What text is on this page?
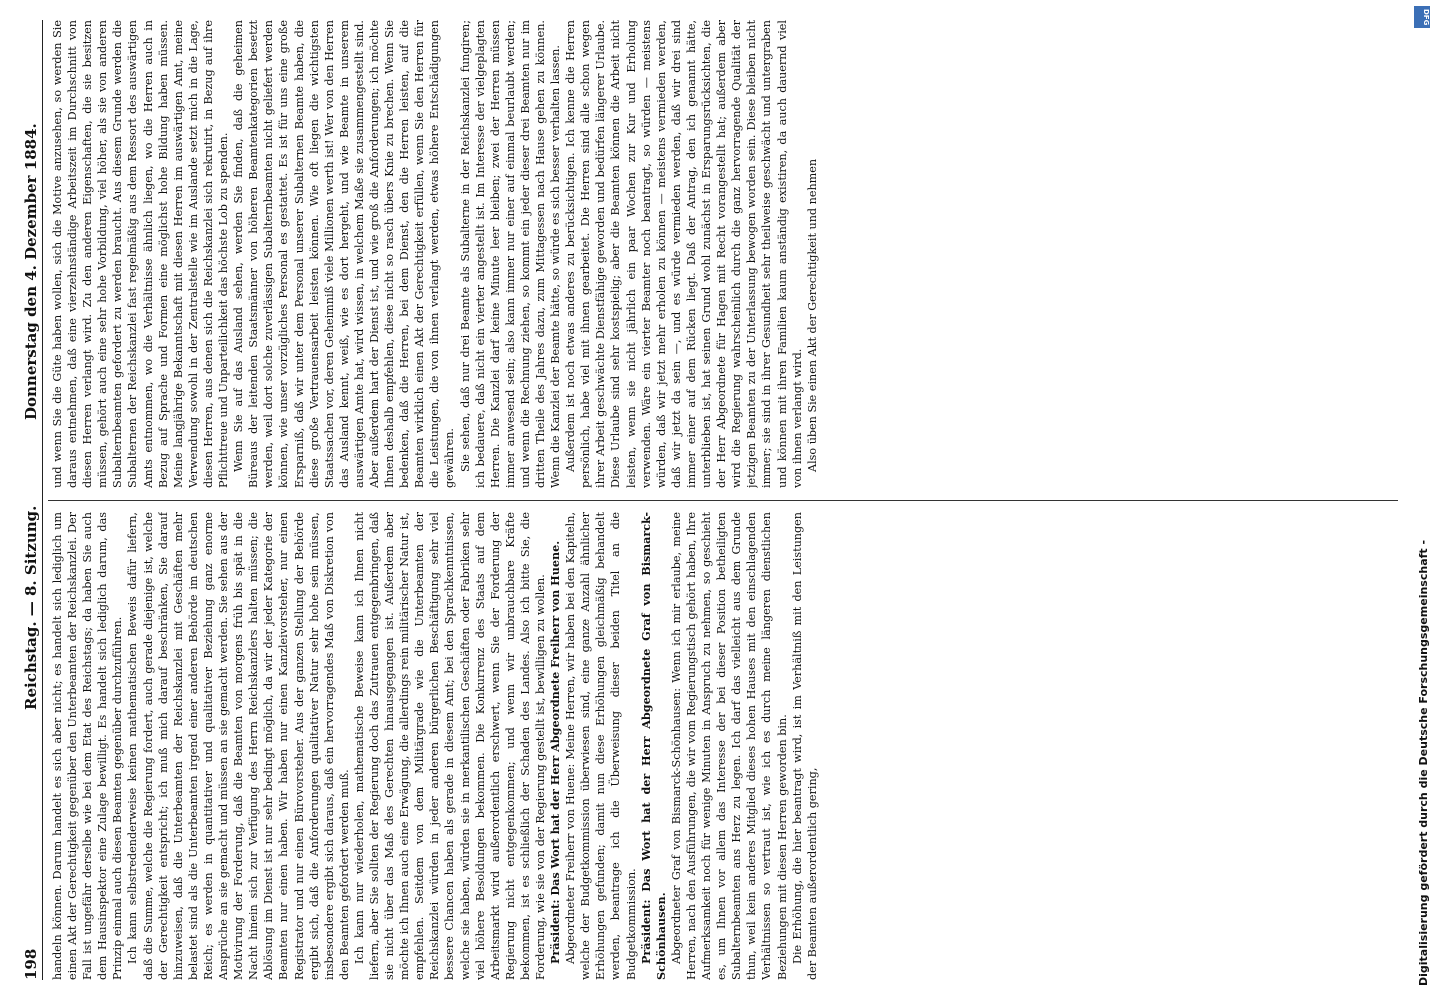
198
Reichstag. — 8. Sitzung.
Donnerstag den 4. Dezember 1884.

handeln können. Darum handelt es sich aber nicht; es handelt sich lediglich um einen Akt der Gerechtigkeit gegenüber den Unterbeamten der Reichskanzlei. Der Fall ist ungefähr derselbe wie bei dem Etat des Reichstags; da haben Sie auch dem Hausinspektor eine Zulage bewilligt. Es handelt sich lediglich darum, das Prinzip einmal auch diesen Beamten gegenüber durchzuführen. Ich kann selbstredenderweise keinen mathematischen Beweis dafür liefern, daß die Summe, welche die Regierung fordert, auch gerade diejenige ist, welche der Gerechtigkeit entspricht; ich muß mich darauf beschränken, Sie darauf hinzuweisen, daß die Unterbeamten der Reichskanzlei mit Geschäften mehr belastet sind als die Unterbeamten irgend einer anderen Behörde im deutschen Reich; es werden in quantitativer und qualitativer Beziehung ganz enorme Ansprüche an sie gemacht und müssen an sie gemacht werden. Sie sehen aus der Motivirung der Forderung, daß die Beamten von morgens früh bis spät in die Nacht hinein sich zur Verfügung des Herrn Reichskanzlers halten müssen; die Ablösung im Dienst ist nur sehr bedingt möglich, da wir der jeder Kategorie der Beamten nur einen haben. Wir haben nur einen Kanzleivorsteher, nur einen Registrator und nur einen Bürovorsteher. Aus der ganzen Stellung der Behörde ergibt sich, daß die Anforderungen qualitativer Natur sehr hohe sein müssen, insbesondere ergibt sich daraus, daß ein hervorragendes Maß von Diskretion von den Beamten gefordert werden muß. Ich kann nur wiederholen, mathematische Beweise kann ich Ihnen nicht liefern, aber Sie sollten der Regierung doch das Zutrauen entgegenbringen, daß sie nicht über das Maß des Gerechten hinausgegangen ist. Außerdem aber möchte ich Ihnen auch eine Erwägung, die allerdings rein militärischer Natur ist, empfehlen. Seitdem von dem Militärgrade wie die Unterbeamten der Reichskanzlei würden in jeder anderen bürgerlichen Beschäftigung sehr viel bessere Chancen haben als gerade in diesem Amt; bei den Sprachkenntnissen, welche sie haben, würden sie in merkantilischen Geschäften oder Fabriken sehr viel höhere Besoldungen bekommen. Die Konkurrenz des Staats auf dem Arbeitsmarkt wird außerordentlich erschwert, wenn Sie der Forderung der Regierung nicht entgegenkommen; und wenn wir unbrauchbare Kräfte bekommen, ist es schließlich der Schaden des Landes. Also ich bitte Sie, die Forderung, wie sie von der Regierung gestellt ist, bewilligen zu wollen. Präsident: Das Wort hat der Herr Abgeordnete Freiherr von Huene. Abgeordneter Freiherr von Huene: Meine Herren, wir haben bei den Kapiteln, welche der Budgetkommission überwiesen sind, eine ganze Anzahl ähnlicher Erhöhungen gefunden; damit nun diese Erhöhungen gleichmäßig behandelt werden, beantrage ich die Überweisung dieser beiden Titel an die Budgetkommission. Präsident: Das Wort hat der Herr Abgeordnete Graf von Bismarck-Schönhausen. Abgeordneter Graf von Bismarck-Schönhausen: Wenn ich mir erlaube, meine Herren, nach den Ausführungen, die wir vom Regierungstisch gehört haben, Ihre Aufmerksamkeit noch für wenige Minuten in Anspruch zu nehmen, so geschieht es, um Ihnen vor allem das Interesse der bei dieser Position betheiligten Subalternbeamten ans Herz zu legen. Ich darf das vielleicht aus dem Grunde thun, weil kein anderes Mitglied dieses hohen Hauses mit den einschlagenden Verhältnissen so vertraut ist, wie ich es durch meine längeren dienstlichen Beziehungen mit diesen Herren geworden bin. Die Erhöhung, die hier beantragt wird, ist im Verhältniß mit den Leistungen der Beamten außerordentlich gering,

und wenn Sie die Güte haben wollen, sich die Motive anzusehen, so werden Sie daraus entnehmen, daß eine vierzehnständige Arbeitszeit im Durchschnitt von diesen Herren verlangt wird. Zu den anderen Eigenschaften, die sie besitzen müssen, gehört auch eine sehr hohe Vorbildung, viel höher, als sie von anderen Subalternbeamten gefordert zu werden braucht. Aus diesem Grunde werden die Subalternen der Reichskanzlei fast regelmäßig aus dem Ressort des auswärtigen Amts entnommen, wo die Verhältnisse ähnlich liegen, wo die Herren auch in Bezug auf Sprache und Formen eine möglichst hohe Bildung haben müssen. Meine langjährige Bekanntschaft mit diesen Herren im auswärtigen Amt, meine Verwendung sowohl in der Zentralstelle wie im Auslande setzt mich in die Lage, diesen Herren, aus denen sich die Reichskanzlei sich rekrutirt, in Bezug auf ihre Pflichttreue und Unparteilichkeit das höchste Lob zu spenden. Wenn Sie auf das Ausland sehen, werden Sie finden, daß die geheimen Büreaus der leitenden Staatsmänner von höheren Beamtenkategorien besetzt werden, weil dort solche zuverlässigen Subalternbeamten nicht geliefert werden können, wie unser vorzügliches Personal es gestattet. Es ist für uns eine große Ersparniß, daß wir unter dem Personal unserer Subalternen Beamte haben, die diese große Vertrauensarbeit leisten können. Wie oft liegen die wichtigsten Staatssachen vor, deren Geheimniß viele Millionen werth ist! Wer von den Herren das Ausland kennt, weiß, wie es dort hergeht, und wie Beamte in unserem auswärtigen Amte hat, wird wissen, in welchem Maße sie zusammengestellt sind. Aber außerdem hart der Dienst ist, und wie groß die Anforderungen; ich möchte Ihnen deshalb empfehlen, diese nicht so rasch übers Knie zu brechen. Wenn Sie bedenken, daß die Herren, bei dem Dienst, den die Herren leisten, auf die Beamten wirklich einen Akt der Gerechtigkeit erfüllen, wenn Sie den Herren für die Leistungen, die von ihnen verlangt werden, etwas höhere Entschädigungen gewähren. Sie sehen, daß nur drei Beamte als Subalterne in der Reichskanzlei fungiren; ich bedauere, daß nicht ein vierter angestellt ist. Im Interesse der vielgeplagten Herren. Die Kanzlei darf keine Minute leer bleiben; zwei der Herren müssen immer anwesend sein; also kann immer nur einer auf einmal beurlaubt werden; und wenn die Rechnung ziehen, so kommt ein jeder dieser drei Beamten nur im dritten Theile des Jahres dazu, zum Mittagessen nach Hause gehen zu können. Wenn die Kanzlei der Beamte hätte, so würde es sich besser verhalten lassen. Außerdem ist noch etwas anderes zu berücksichtigen. Ich kenne die Herren persönlich, habe viel mit ihnen gearbeitet. Die Herren sind alle schon wegen ihrer Arbeit geschwächte Dienstfähige geworden und bedürfen längerer Urlaube. Diese Urlaube sind sehr kostspielig; aber die Beamten können die Arbeit nicht leisten, wenn sie nicht jährlich ein paar Wochen zur Kur und Erholung verwenden. Wäre ein vierter Beamter noch beantragt, so würden — meistens würden, daß wir jetzt mehr erholen zu können — meistens vermieden werden, daß wir jetzt da sein —, und es würde vermieden werden, daß wir drei sind immer einer auf dem Rücken liegt. Daß der Antrag, den ich genannt hätte, unterblieben ist, hat seinen Grund wohl zunächst in Ersparungsrücksichten, die der Herr Abgeordnete für Hagen mit Recht vorangestellt hat; außerdem aber wird die Regierung wahrscheinlich durch die ganz hervorragende Qualität der jetzigen Beamten zu der Unterlassung bewogen worden sein. Diese bleiben nicht immer; sie sind in ihrer Gesundheit sehr theilweise geschwächt und untergraben und können mit ihren Familien kaum anständig existiren, da auch dauernd viel von ihnen verlangt wird. Also üben Sie einen Akt der Gerechtigkeit und nehmen

Digitalisierung gefördert durch die Deutsche Forschungsgemeinschaft -
DFG
